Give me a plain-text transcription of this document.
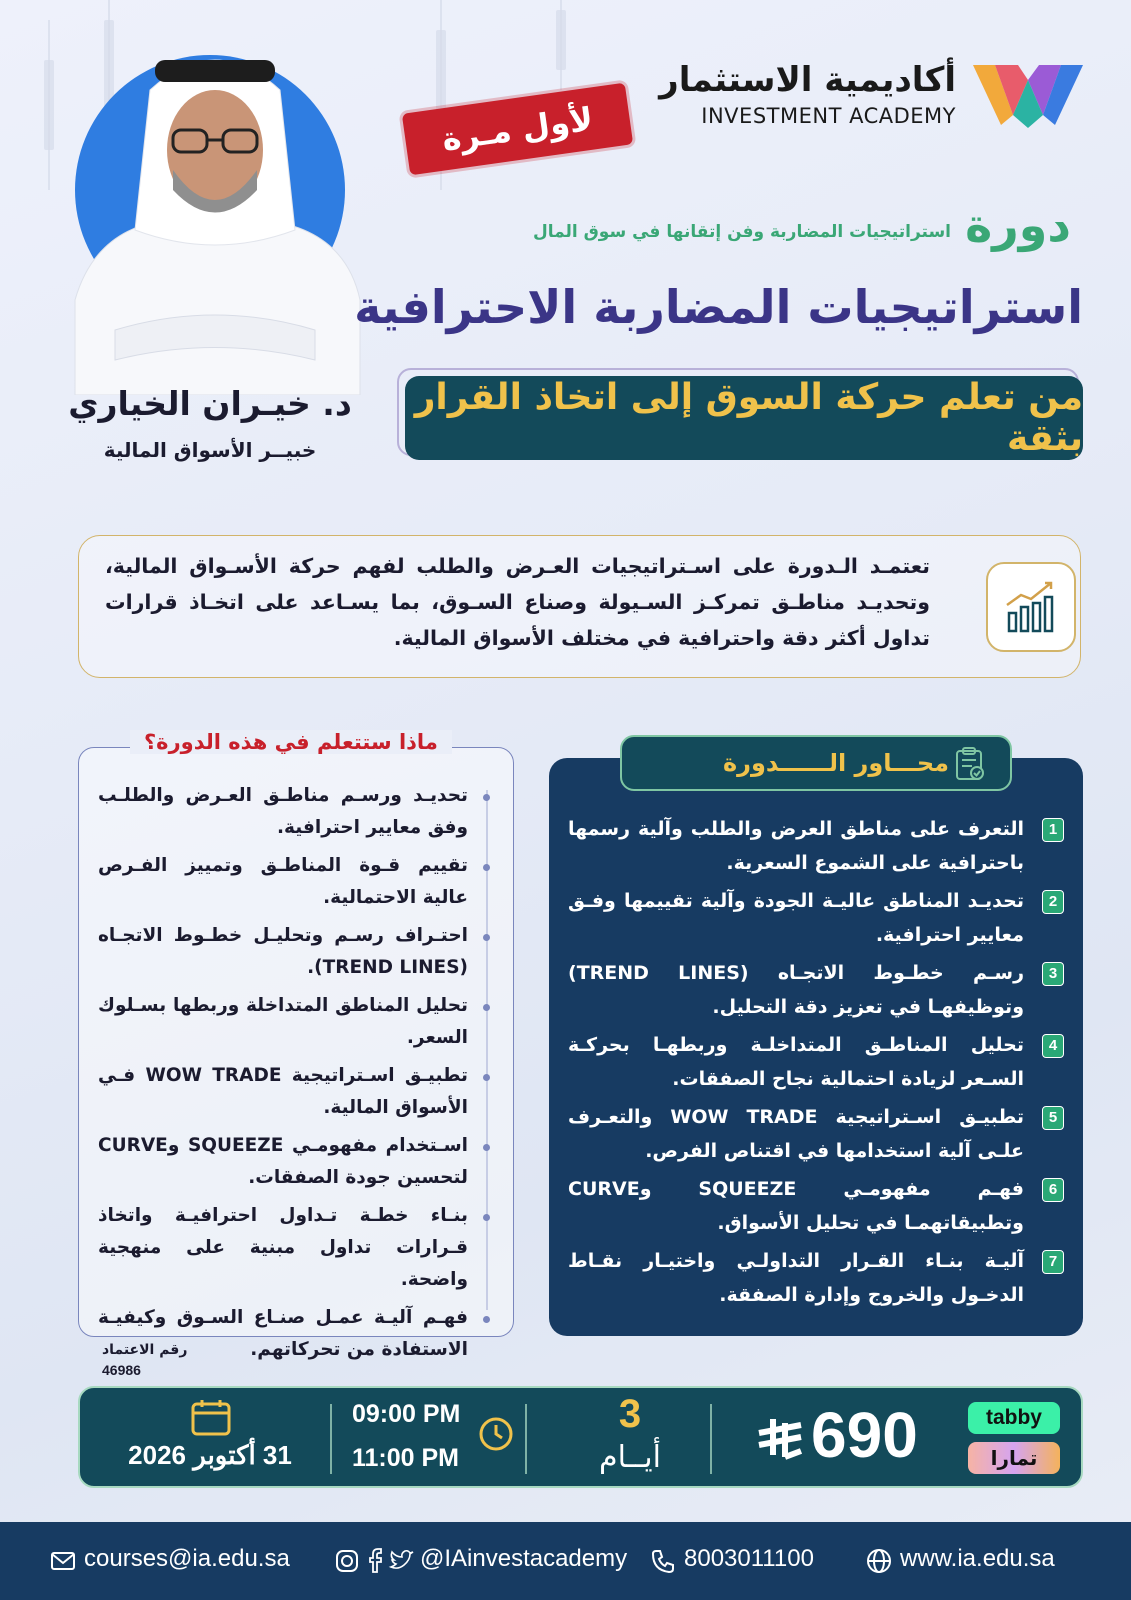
أكاديمية الاستثمار
INVESTMENT ACADEMY
لأول مـرة
د. خيـران الخياري
خبيــر الأسواق المالية
دورة
استراتيجيات المضاربة وفن إتقانها في سوق المال
استراتيجيات المضاربة الاحترافية
من تعلم حركة السوق إلى اتخاذ القرار بثقة
تعتمـد الـدورة على اسـتراتيجيات العـرض والطلب لفهم حركة الأسـواق المالية، وتحديـد مناطـق تمركـز السـيولة وصناع السـوق، بما يسـاعد على اتخـاذ قرارات تداول أكثر دقة واحترافية في مختلف الأسواق المالية.
ماذا ستتعلم في هذه الدورة؟
تحديـد ورسـم مناطـق العـرض والطلـب وفق معايير احترافية.
تقييم قـوة المناطـق وتمييز الفـرص عالية الاحتمالية.
احتـراف رسـم وتحليـل خطـوط الاتجـاه (TREND LINES).
تحليل المناطق المتداخلة وربطها بسـلوك السعر.
تطبيـق اسـتراتيجية WOW TRADE فـي الأسواق المالية.
اسـتخدام مفهومـي SQUEEZE وCURVE لتحسين جودة الصفقات.
بنـاء خطـة تـداول احترافيـة واتخاذ قـرارات تداول مبنية على منهجية واضحة.
فهـم آليـة عمـل صنـاع السـوق وكيفيـة الاستفادة من تحركاتهم.
محـــاور الــــــدورة
1
التعرف على مناطق العرض والطلب وآلية رسمها باحترافية على الشموع السعرية.
2
تحديـد المناطق عاليـة الجودة وآلية تقييمها وفـق معايير احترافية.
3
رسـم خطـوط الاتجـاه (TREND LINES) وتوظيفهـا في تعزيز دقة التحليل.
4
تحليل المناطـق المتداخلـة وربطهـا بحركـة السـعر لزيادة احتمالية نجاح الصفقات.
5
تطبيـق اسـتراتيجية WOW TRADE والتعـرف علـى آلية استخدامها في اقتناص الفرص.
6
فهـم مفهومـي SQUEEZE وCURVE وتطبيقاتهمـا في تحليل الأسواق.
7
آليـة بنـاء القـرار التداولـي واختيـار نقـاط الدخـول والخروج وإدارة الصفقة.
رقم الاعتماد
46986
31 أكتوبر 2026
09:00 PM
11:00 PM
3
أيــام	690	tabby
تمارا
courses@ia.edu.sa	@IAinvestacademy 8003011100	www.ia.edu.sa
